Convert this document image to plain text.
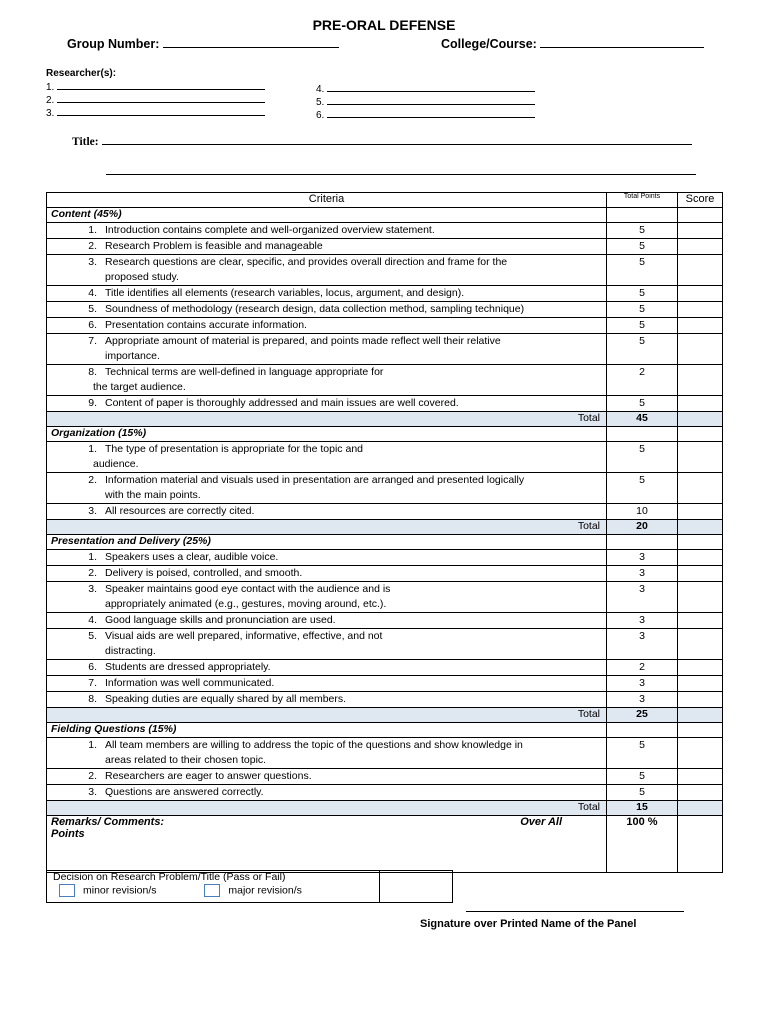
PRE-ORAL DEFENSE
Group Number:	College/Course:
Researcher(s):
1.
2.
3.
4.
5.
6.
Title:
Criteria	Total Points	Score
Content (45%)		

1. Introduction contains complete and well-organized overview statement.	5	

2. Research Problem is feasible and manageable	5	

3. Research questions are clear, specific, and provides overall direction and frame for the
proposed study.	5	

4. Title identifies all elements (research variables, locus, argument, and design).	5	

5. Soundness of methodology (research design, data collection method, sampling technique)	5	

6. Presentation contains accurate information.	5	

7. Appropriate amount of material is prepared, and points made reflect well their relative
importance.	5	

8. Technical terms are well-defined in language appropriate for
the target audience.	2	

9. Content of paper is thoroughly addressed and main issues are well covered.	5	
Total	45	
Organization (15%)		

1. The type of presentation is appropriate for the topic and
audience.	5	

2. Information material and visuals used in presentation are arranged and presented logically
with the main points.	5	

3. All resources are correctly cited.	10	
Total	20	
Presentation and Delivery (25%)		

1. Speakers uses a clear, audible voice.	3	

2. Delivery is poised, controlled, and smooth.	3	

3. Speaker maintains good eye contact with the audience and is
appropriately animated (e.g., gestures, moving around, etc.).	3	

4. Good language skills and pronunciation are used.	3	

5. Visual aids are well prepared, informative, effective, and not
distracting.	3	

6. Students are dressed appropriately.	2	

7. Information was well communicated.	3	

8. Speaking duties are equally shared by all members.	3	
Total	25	
Fielding Questions (15%)		

1. All team members are willing to address the topic of the questions and show knowledge in
areas related to their chosen topic.	5	

2. Researchers are eager to answer questions.	5	

3. Questions are answered correctly.	5	
Total	15	

Remarks/ Comments: Over All
Points	100 %	
Decision on Research Problem/Title (Pass or Fail)
minor revision/s	major revision/s

Signature over Printed Name of the Panel
